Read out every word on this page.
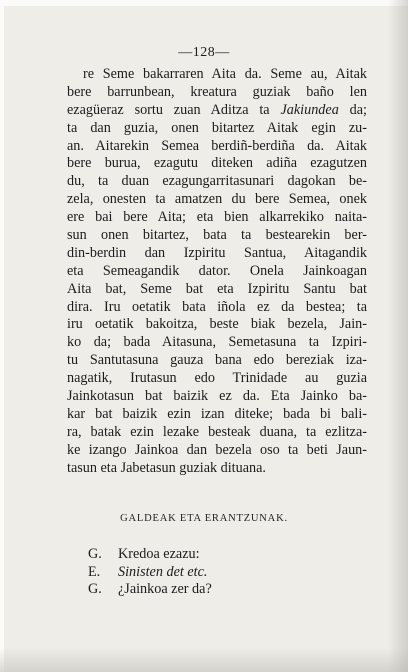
—128—
re Seme bakarraren Aita da. Seme au, Aitak
bere barrunbean, kreatura guziak baño len
ezagüeraz sortu zuan Aditza ta Jakiundea da;
ta dan guzia, onen bitartez Aitak egin zu-
an. Aitarekin Semea berdiñ-berdiña da. Aitak
bere burua, ezagutu diteken adiña ezagutzen
du, ta duan ezagungarritasunari dagokan be-
zela, onesten ta amatzen du bere Semea, onek
ere bai bere Aita; eta bien alkarrekiko naita-
sun onen bitartez, bata ta bestearekin ber-
din-berdin dan Izpiritu Santua, Aitagandik
eta Semeagandik dator. Onela Jainkoagan
Aita bat, Seme bat eta Izpiritu Santu bat
dira. Iru oetatik bata iñola ez da bestea; ta
iru oetatik bakoitza, beste biak bezela, Jain-
ko da; bada Aitasuna, Semetasuna ta Izpiri-
tu Santutasuna gauza bana edo bereziak iza-
nagatik, Irutasun edo Trinidade au guzia
Jainkotasun bat baizik ez da. Eta Jainko ba-
kar bat baizik ezin izan diteke; bada bi bali-
ra, batak ezin lezake besteak duana, ta ezlitza-
ke izango Jainkoa dan bezela oso ta beti Jaun-
tasun eta Jabetasun guziak dituana.
GALDEAK ETA ERANTZUNAK.
G. Kredoa ezazu:
E. Sinisten det etc.
G. ¿Jainkoa zer da?
